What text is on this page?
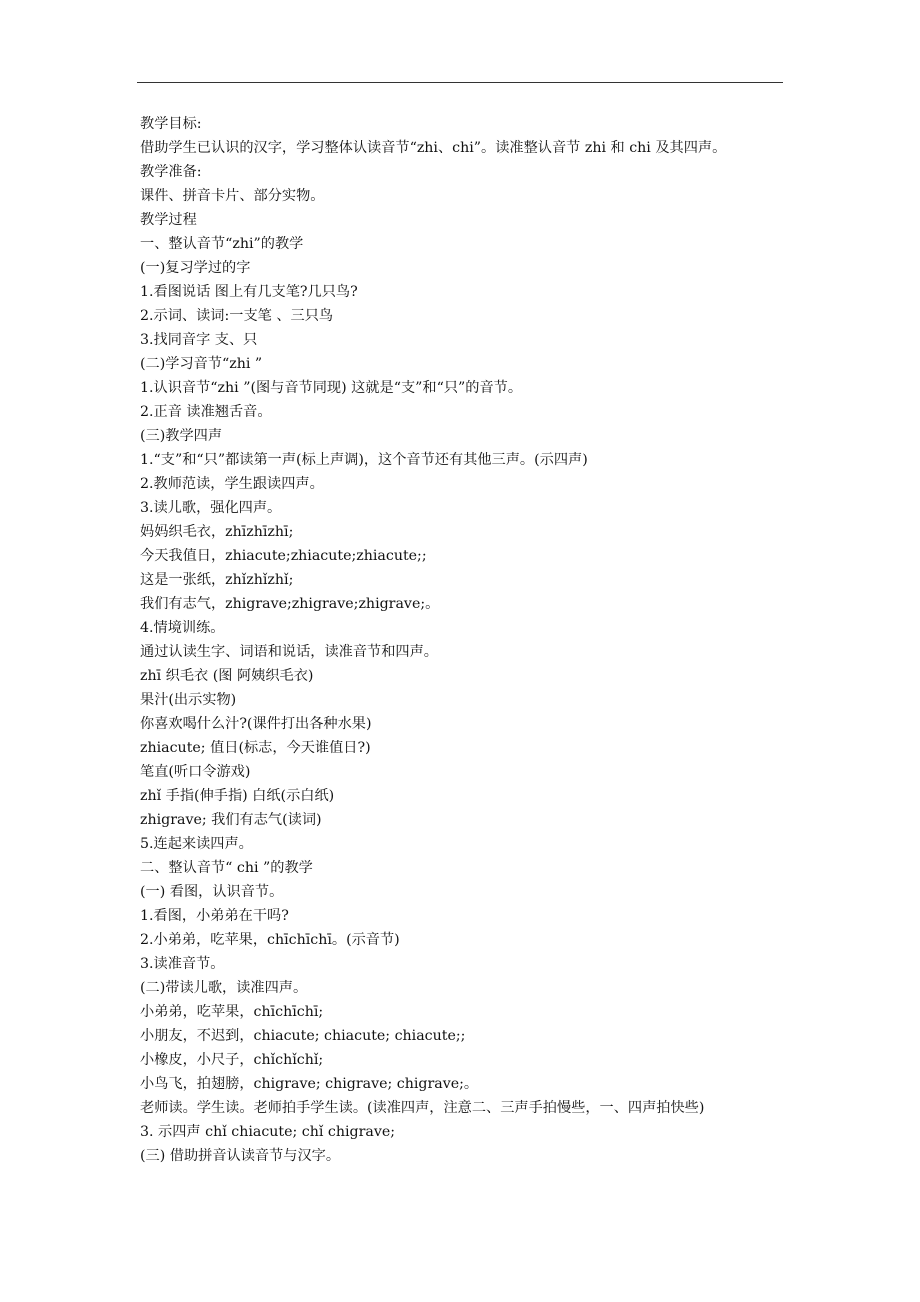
教学目标:
借助学生已认识的汉字，学习整体认读音节“zhi、chi”。读准整认音节 zhi 和 chi 及其四声。
教学准备:
课件、拼音卡片、部分实物。
教学过程
一、整认音节“zhi”的教学
(一)复习学过的字
1.看图说话 图上有几支笔?几只鸟?
2.示词、读词:一支笔 、三只鸟
3.找同音字 支、只
(二)学习音节“zhi ”
1.认识音节“zhi ”(图与音节同现) 这就是“支”和“只”的音节。
2.正音 读准翘舌音。
(三)教学四声
1.“支”和“只”都读第一声(标上声调)，这个音节还有其他三声。(示四声)
2.教师范读，学生跟读四声。
3.读儿歌，强化四声。
妈妈织毛衣，zhīzhīzhī;
今天我值日，zhiacute;zhiacute;zhiacute;;
这是一张纸，zhǐzhǐzhǐ;
我们有志气，zhigrave;zhigrave;zhigrave;。
4.情境训练。
通过认读生字、词语和说话，读准音节和四声。
zhī 织毛衣 (图 阿姨织毛衣)
果汁(出示实物)
你喜欢喝什么汁?(课件打出各种水果)
zhiacute; 值日(标志，今天谁值日?)
笔直(听口令游戏)
zhǐ 手指(伸手指) 白纸(示白纸)
zhigrave; 我们有志气(读词)
5.连起来读四声。
二、整认音节“ chi ”的教学
(一) 看图，认识音节。
1.看图，小弟弟在干吗?
2.小弟弟，吃苹果，chīchīchī。(示音节)
3.读准音节。
(二)带读儿歌，读准四声。
小弟弟，吃苹果，chīchīchī;
小朋友，不迟到，chiacute; chiacute; chiacute;;
小橡皮，小尺子，chǐchǐchǐ;
小鸟飞，拍翅膀，chigrave; chigrave; chigrave;。
老师读。学生读。老师拍手学生读。(读准四声，注意二、三声手拍慢些，一、四声拍快些)
3. 示四声 chǐ chiacute; chǐ chigrave;
(三) 借助拼音认读音节与汉字。
